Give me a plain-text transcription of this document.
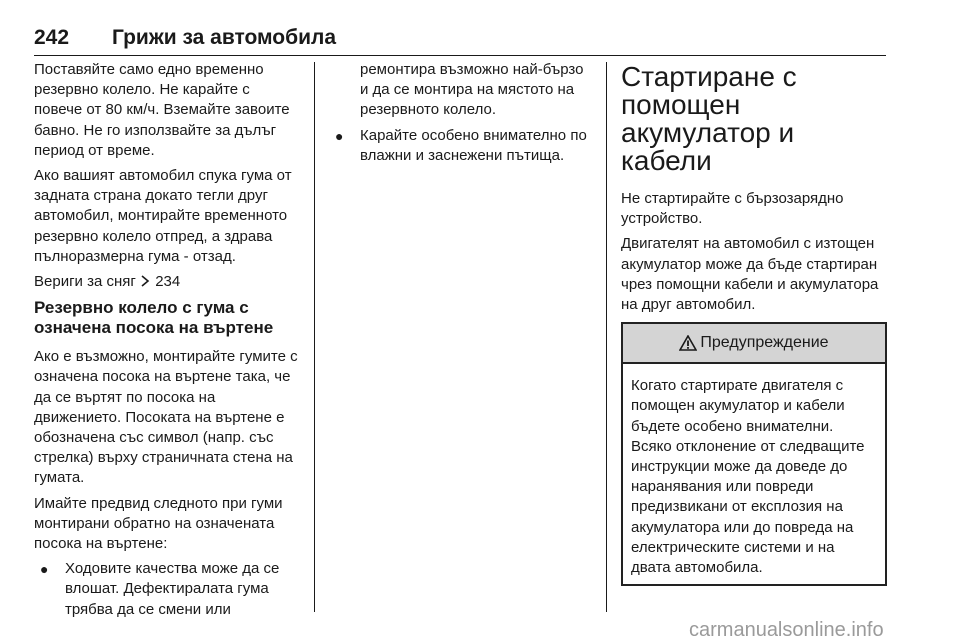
242 Грижи за автомобила

Поставяйте само едно временно резервно колело. Не карайте с повече от 80 км/ч. Вземайте завоите бавно. Не го използвайте за дълъг период от време.

Ако вашият автомобил спука гума от задната страна докато тегли друг автомобил, монтирайте временното резервно колело отпред, а здрава пълноразмерна гума - отзад.

Вериги за сняг 234

Резервно колело с гума с означена посока на въртене

Ако е възможно, монтирайте гумите с означена посока на въртене така, че да се въртят по посока на движението. Посоката на въртене е обозначена със символ (напр. със стрелка) върху страничната стена на гумата.

Имайте предвид следното при гуми монтирани обратно на означената посока на въртене:

● Ходовите качества може да се влошат. Дефектиралата гума трябва да се смени или

ремонтира възможно най-бързо и да се монтира на мястото на резервното колело.

● Карайте особено внимателно по влажни и заснежени пътища.
Стартиране с помощен акумулатор и кабели

Не стартирайте с бързозарядно устройство.

Двигателят на автомобил с изтощен акумулатор може да бъде стартиран чрез помощни кабели и акумулатора на друг автомобил.

Предупреждение
Когато стартирате двигателя с помощен акумулатор и кабели бъдете особено внимателни. Всяко отклонение от следващите инструкции може да доведе до наранявания или повреди предизвикани от експлозия на акумулатора или до повреда на електрическите системи и на двата автомобила.
carmanualsonline.info
